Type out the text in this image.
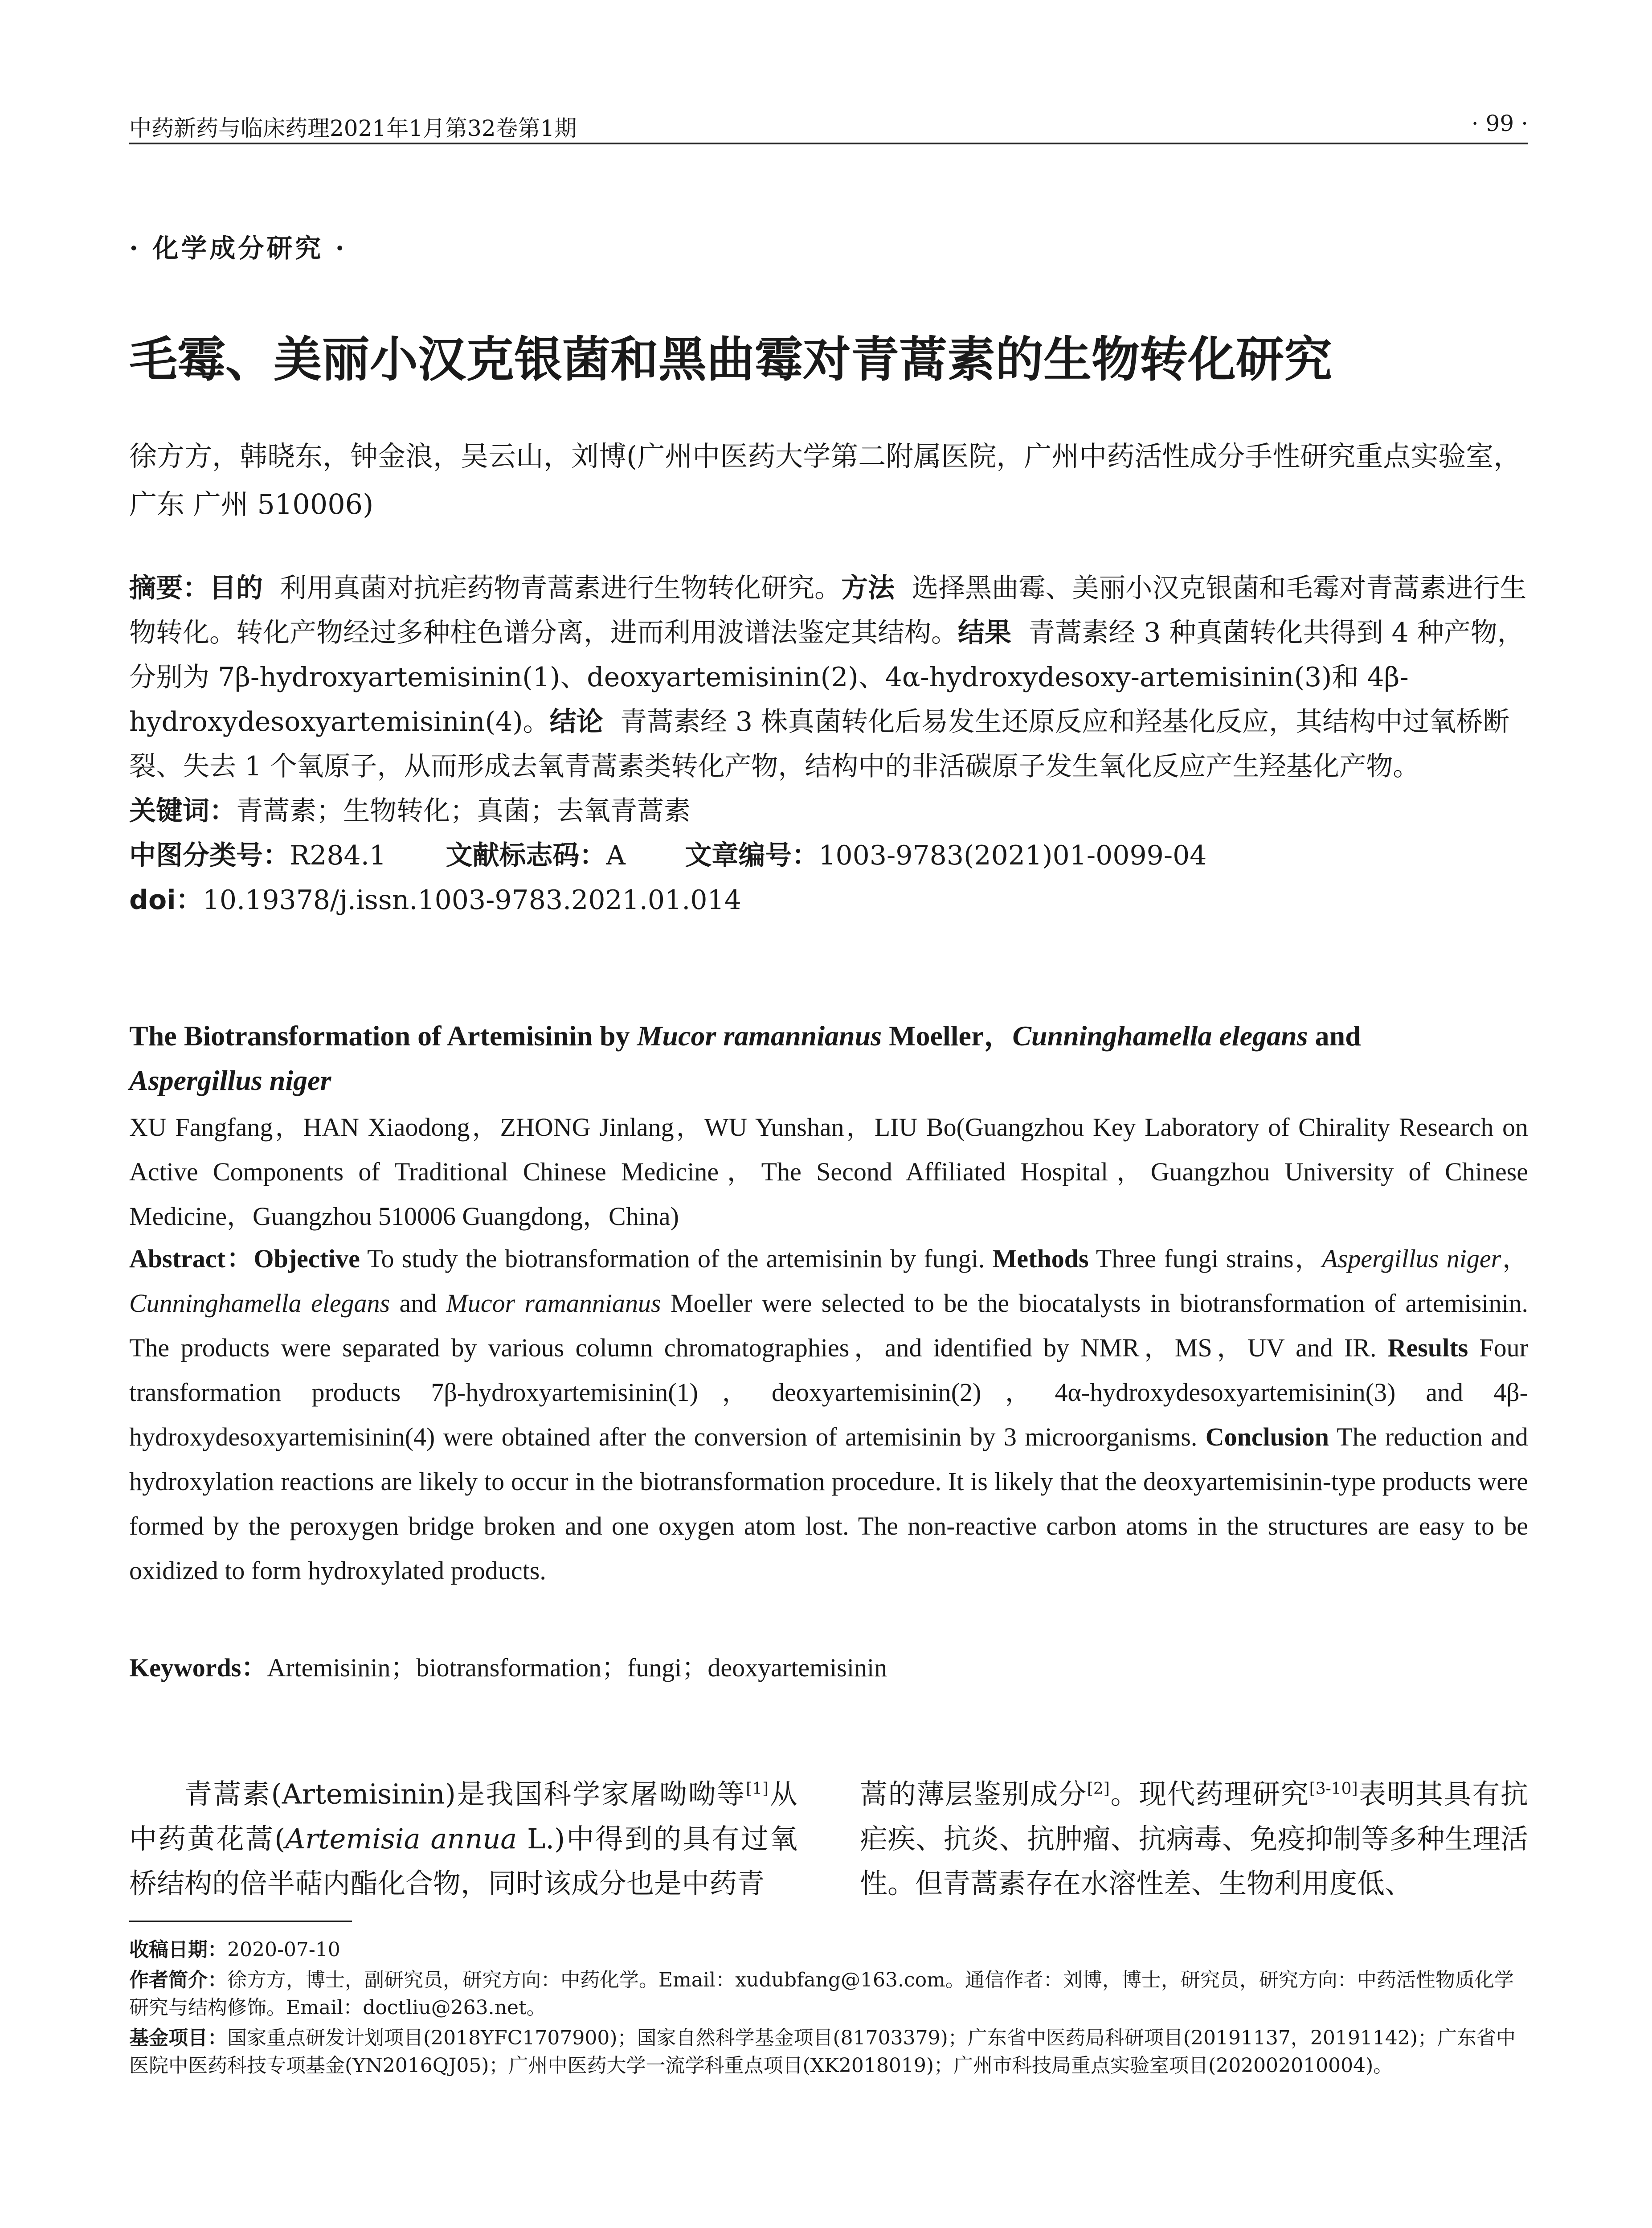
中药新药与临床药理2021年1月第32卷第1期	· 99 ·
· 化学成分研究 ·
毛霉、美丽小汉克银菌和黑曲霉对青蒿素的生物转化研究
徐方方，韩晓东，钟金浪，吴云山，刘博(广州中医药大学第二附属医院，广州中药活性成分手性研究重点实验室，广东 广州 510006)
摘要：目的 利用真菌对抗疟药物青蒿素进行生物转化研究。方法 选择黑曲霉、美丽小汉克银菌和毛霉对青蒿素进行生物转化。转化产物经过多种柱色谱分离，进而利用波谱法鉴定其结构。结果 青蒿素经 3 种真菌转化共得到 4 种产物，分别为 7β-hydroxyartemisinin(1)、deoxyartemisinin(2)、4α-hydroxydesoxy-artemisinin(3)和 4β-hydroxydesoxyartemisinin(4)。结论 青蒿素经 3 株真菌转化后易发生还原反应和羟基化反应，其结构中过氧桥断裂、失去 1 个氧原子，从而形成去氧青蒿素类转化产物，结构中的非活碳原子发生氧化反应产生羟基化产物。
关键词：青蒿素；生物转化；真菌；去氧青蒿素
中图分类号：R284.1 文献标志码：A 文章编号：1003-9783(2021)01-0099-04
doi：10.19378/j.issn.1003-9783.2021.01.014
The Biotransformation of Artemisinin by Mucor ramannianus Moeller，Cunninghamella elegans and
Aspergillus niger
XU Fangfang，HAN Xiaodong，ZHONG Jinlang，WU Yunshan，LIU Bo(Guangzhou Key Laboratory of Chirality Research on Active Components of Traditional Chinese Medicine，The Second Affiliated Hospital，Guangzhou University of Chinese Medicine，Guangzhou 510006 Guangdong，China)
Abstract：Objective To study the biotransformation of the artemisinin by fungi. Methods Three fungi strains，Aspergillus niger，Cunninghamella elegans and Mucor ramannianus Moeller were selected to be the biocatalysts in biotransformation of artemisinin. The products were separated by various column chromatographies，and identified by NMR，MS，UV and IR. Results Four transformation products 7β-hydroxyartemisinin(1)，deoxyartemisinin(2)，4α-hydroxydesoxyartemisinin(3) and 4β-hydroxydesoxyartemisinin(4) were obtained after the conversion of artemisinin by 3 microorganisms. Conclusion The reduction and hydroxylation reactions are likely to occur in the biotransformation procedure. It is likely that the deoxyartemisinin-type products were formed by the peroxygen bridge broken and one oxygen atom lost. The non-reactive carbon atoms in the structures are easy to be oxidized to form hydroxylated products.
Keywords：Artemisinin；biotransformation；fungi；deoxyartemisinin
青蒿素(Artemisinin)是我国科学家屠呦呦等[1]从中药黄花蒿(Artemisia annua L.)中得到的具有过氧桥结构的倍半萜内酯化合物，同时该成分也是中药青
蒿的薄层鉴别成分[2]。现代药理研究[3-10]表明其具有抗疟疾、抗炎、抗肿瘤、抗病毒、免疫抑制等多种生理活性。但青蒿素存在水溶性差、生物利用度低、

收稿日期：2020-07-10

作者简介：徐方方，博士，副研究员，研究方向：中药化学。Email：xudubfang@163.com。通信作者：刘博，博士，研究员，研究方向：中药活性物质化学研究与结构修饰。Email：doctliu@263.net。

基金项目：国家重点研发计划项目(2018YFC1707900)；国家自然科学基金项目(81703379)；广东省中医药局科研项目(20191137，20191142)；广东省中医院中医药科技专项基金(YN2016QJ05)；广州中医药大学一流学科重点项目(XK2018019)；广州市科技局重点实验室项目(202002010004)。
